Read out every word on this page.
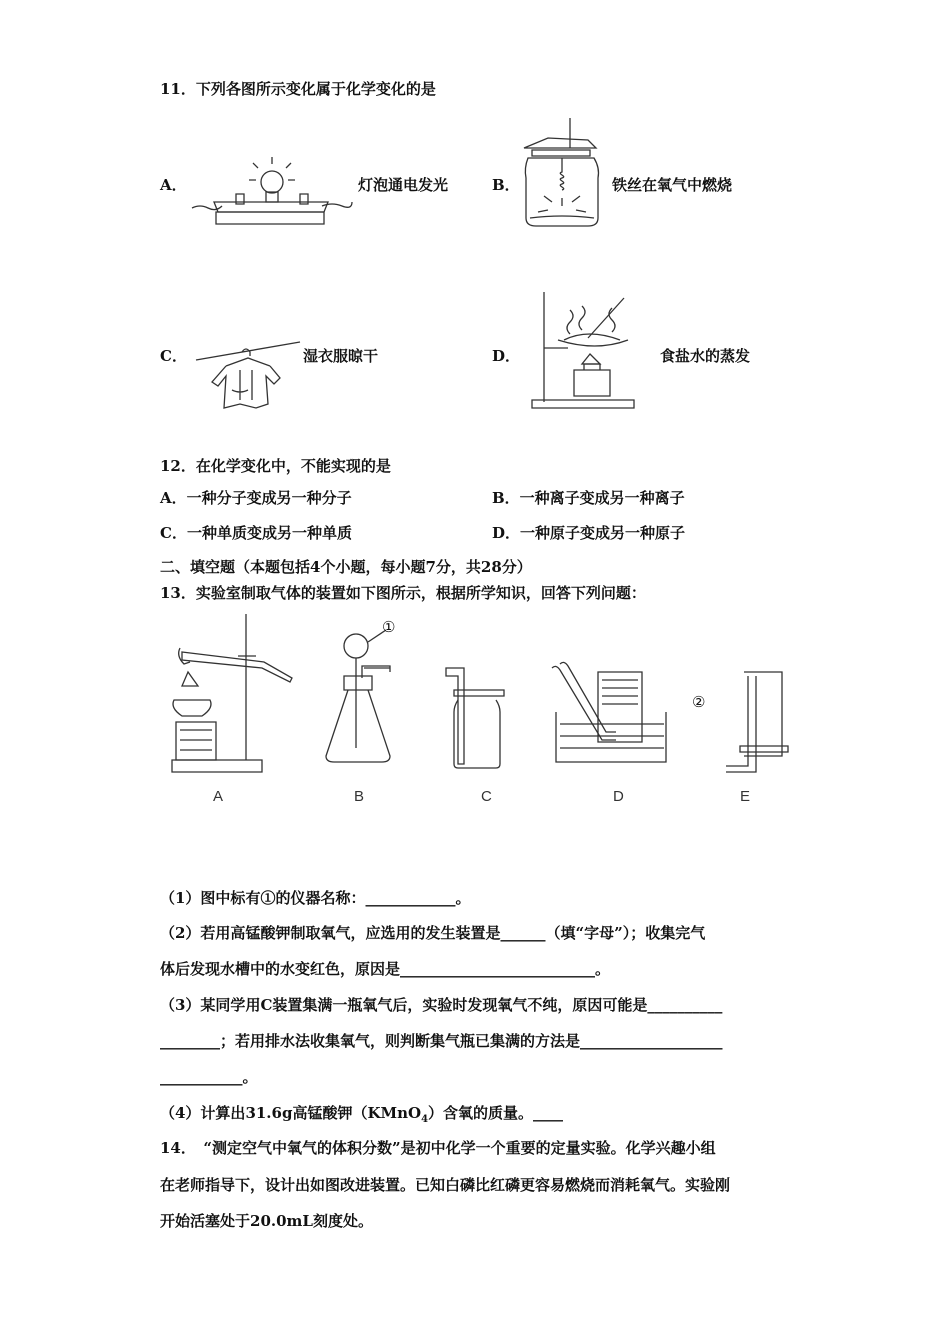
11．下列各图所示变化属于化学变化的是
A．	灯泡通电发光	B．	铁丝在氧气中燃烧
C．	湿衣服晾干	D．	食盐水的蒸发
12．在化学变化中，不能实现的是
A．一种分子变成另一种分子	B．一种离子变成另一种离子
C．一种单质变成另一种单质	D．一种原子变成另一种原子
二、填空题（本题包括4个小题，每小题7分，共28分）
13．实验室制取气体的装置如下图所示，根据所学知识，回答下列问题：
①
②
A	B	C	D	E
（1）图中标有①的仪器名称：____________。
（2）若用高锰酸钾制取氧气，应选用的发生装置是______（填“字母”）；收集完气
体后发现水槽中的水变红色，原因是__________________________。
（3）某同学用C装置集满一瓶氧气后，实验时发现氧气不纯，原因可能是__________
________；若用排水法收集氧气，则判断集气瓶已集满的方法是___________________
___________。
（4）计算出31.6g高锰酸钾（KMnO$_4$）含氧的质量。____
14．　“测定空气中氧气的体积分数”是初中化学一个重要的定量实验。化学兴趣小组
在老师指导下，设计出如图改进装置。已知白磷比红磷更容易燃烧而消耗氧气。实验刚
开始活塞处于20.0mL刻度处。
